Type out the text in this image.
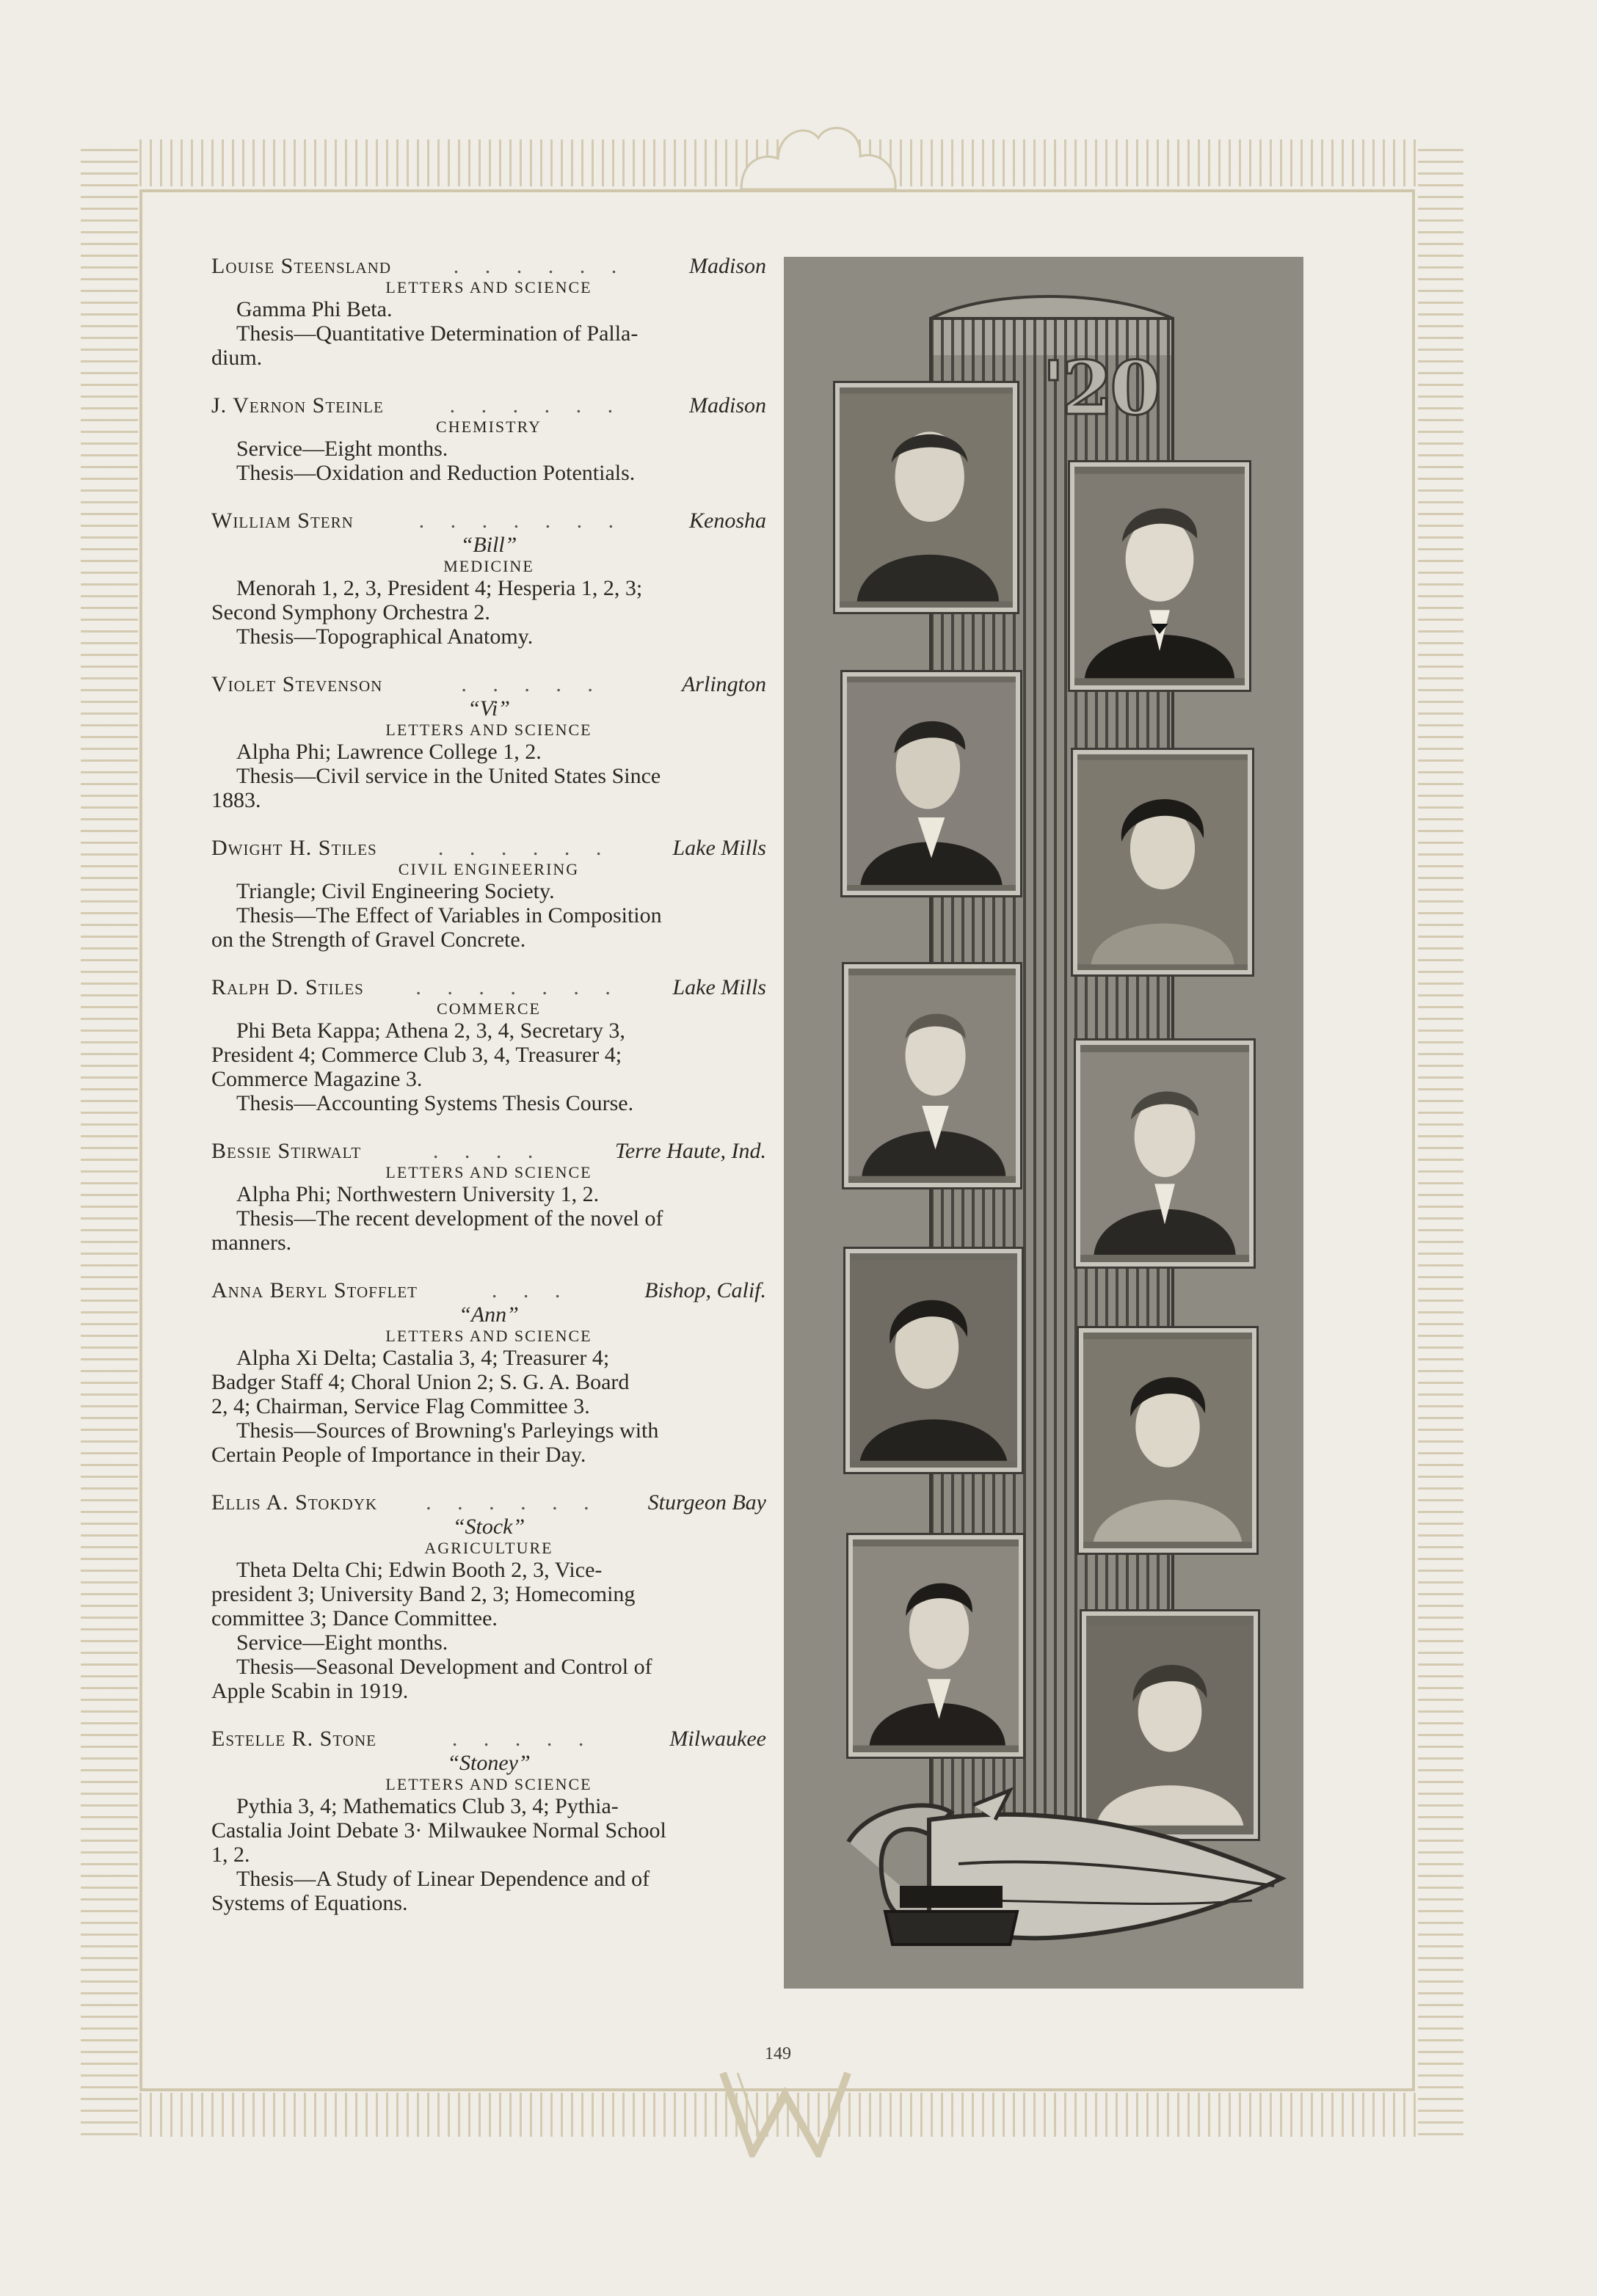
Louise Steensland	. . . . . .	Madison
LETTERS AND SCIENCE
Gamma Phi Beta.
Thesis—Quantitative Determination of Palla-
dium.
J. Vernon Steinle	. . . . . .	Madison
CHEMISTRY
Service—Eight months.
Thesis—Oxidation and Reduction Potentials.
William Stern	. . . . . . .	Kenosha
“Bill”
MEDICINE
Menorah 1, 2, 3, President 4; Hesperia 1, 2, 3;
Second Symphony Orchestra 2.
Thesis—Topographical Anatomy.
Violet Stevenson	. . . . .	Arlington
“Vi”
LETTERS AND SCIENCE
Alpha Phi; Lawrence College 1, 2.
Thesis—Civil service in the United States Since
1883.
Dwight H. Stiles	. . . . . .	Lake Mills
CIVIL ENGINEERING
Triangle; Civil Engineering Society.
Thesis—The Effect of Variables in Composition
on the Strength of Gravel Concrete.
Ralph D. Stiles	. . . . . . .	Lake Mills
COMMERCE
Phi Beta Kappa; Athena 2, 3, 4, Secretary 3,
President 4; Commerce Club 3, 4, Treasurer 4;
Commerce Magazine 3.
Thesis—Accounting Systems Thesis Course.
Bessie Stirwalt	. . . .	Terre Haute, Ind.
LETTERS AND SCIENCE
Alpha Phi; Northwestern University 1, 2.
Thesis—The recent development of the novel of
manners.
Anna Beryl Stofflet	. . .	Bishop, Calif.
“Ann”
LETTERS AND SCIENCE
Alpha Xi Delta; Castalia 3, 4; Treasurer 4;
Badger Staff 4; Choral Union 2; S. G. A. Board
2, 4; Chairman, Service Flag Committee 3.
Thesis—Sources of Browning's Parleyings with
Certain People of Importance in their Day.
Ellis A. Stokdyk	. . . . . .	Sturgeon Bay
“Stock”
AGRICULTURE
Theta Delta Chi; Edwin Booth 2, 3, Vice-
president 3; University Band 2, 3; Homecoming
committee 3; Dance Committee.
Service—Eight months.
Thesis—Seasonal Development and Control of
Apple Scabin in 1919.
Estelle R. Stone	. . . . .	Milwaukee
“Stoney”
LETTERS AND SCIENCE
Pythia 3, 4; Mathematics Club 3, 4; Pythia-
Castalia Joint Debate 3· Milwaukee Normal School
1, 2.
Thesis—A Study of Linear Dependence and of
Systems of Equations.
'20
149
